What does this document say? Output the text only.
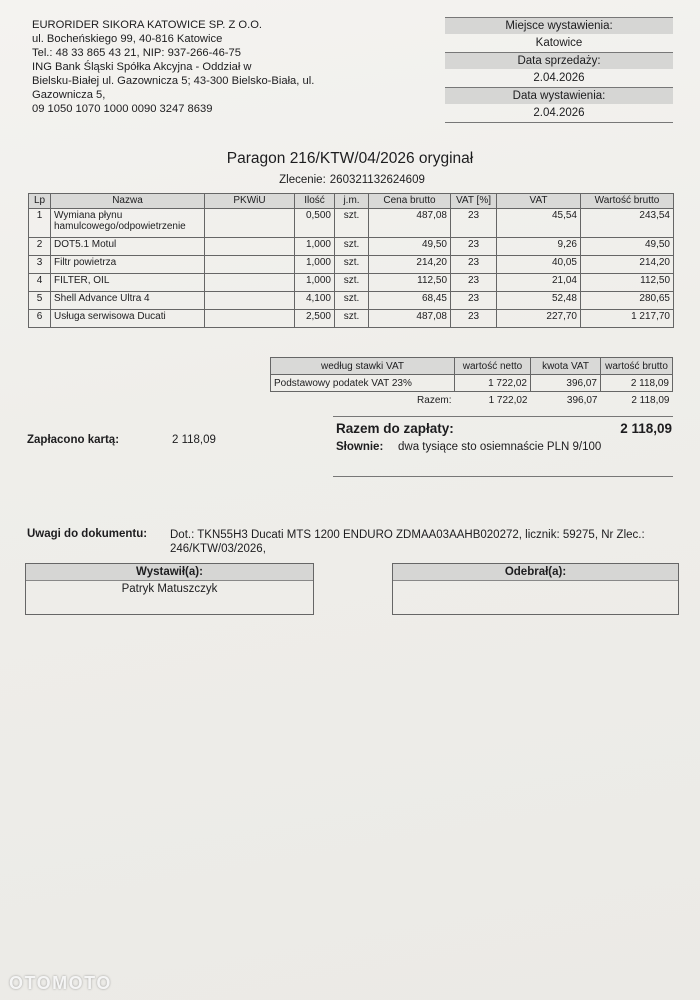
EURORIDER SIKORA KATOWICE SP. Z O.O.
ul. Bocheńskiego 99, 40-816 Katowice
Tel.: 48 33 865 43 21, NIP: 937-266-46-75
ING Bank Śląski Spółka Akcyjna - Oddział w
Bielsku-Białej ul. Gazownicza 5; 43-300 Bielsko-Biała, ul.
Gazownicza 5,
09 1050 1070 1000 0090 3247 8639
Miejsce wystawienia:
Katowice
Data sprzedaży:
2.04.2026
Data wystawienia:
2.04.2026
Paragon 216/KTW/04/2026 oryginał
Zlecenie: 260321132624609
Lp	Nazwa	PKWiU	Ilość	j.m.	Cena brutto	VAT [%]	VAT	Wartość brutto
1	Wymiana płynu hamulcowego/odpowietrzenie		0,500	szt.	487,08	23	45,54	243,54
2	DOT5.1 Motul		1,000	szt.	49,50	23	9,26	49,50
3	Filtr powietrza		1,000	szt.	214,20	23	40,05	214,20
4	FILTER, OIL		1,000	szt.	112,50	23	21,04	112,50
5	Shell Advance Ultra 4		4,100	szt.	68,45	23	52,48	280,65
6	Usługa serwisowa Ducati		2,500	szt.	487,08	23	227,70	1 217,70
według stawki VAT	wartość netto	kwota VAT	wartość brutto
Podstawowy podatek VAT 23%	1 722,02	396,07	2 118,09
Razem:	1 722,02	396,07	2 118,09
Zapłacono kartą:	2 118,09
Razem do zapłaty:	2 118,09
Słownie: dwa tysiące sto osiemnaście PLN 9/100
Uwagi do dokumentu: Dot.: TKN55H3 Ducati MTS 1200 ENDURO ZDMAA03AAHB020272, licznik: 59275, Nr Zlec.: 246/KTW/03/2026,
Wystawił(a):
Patryk Matuszczyk
Odebrał(a):
OTOMOTO
